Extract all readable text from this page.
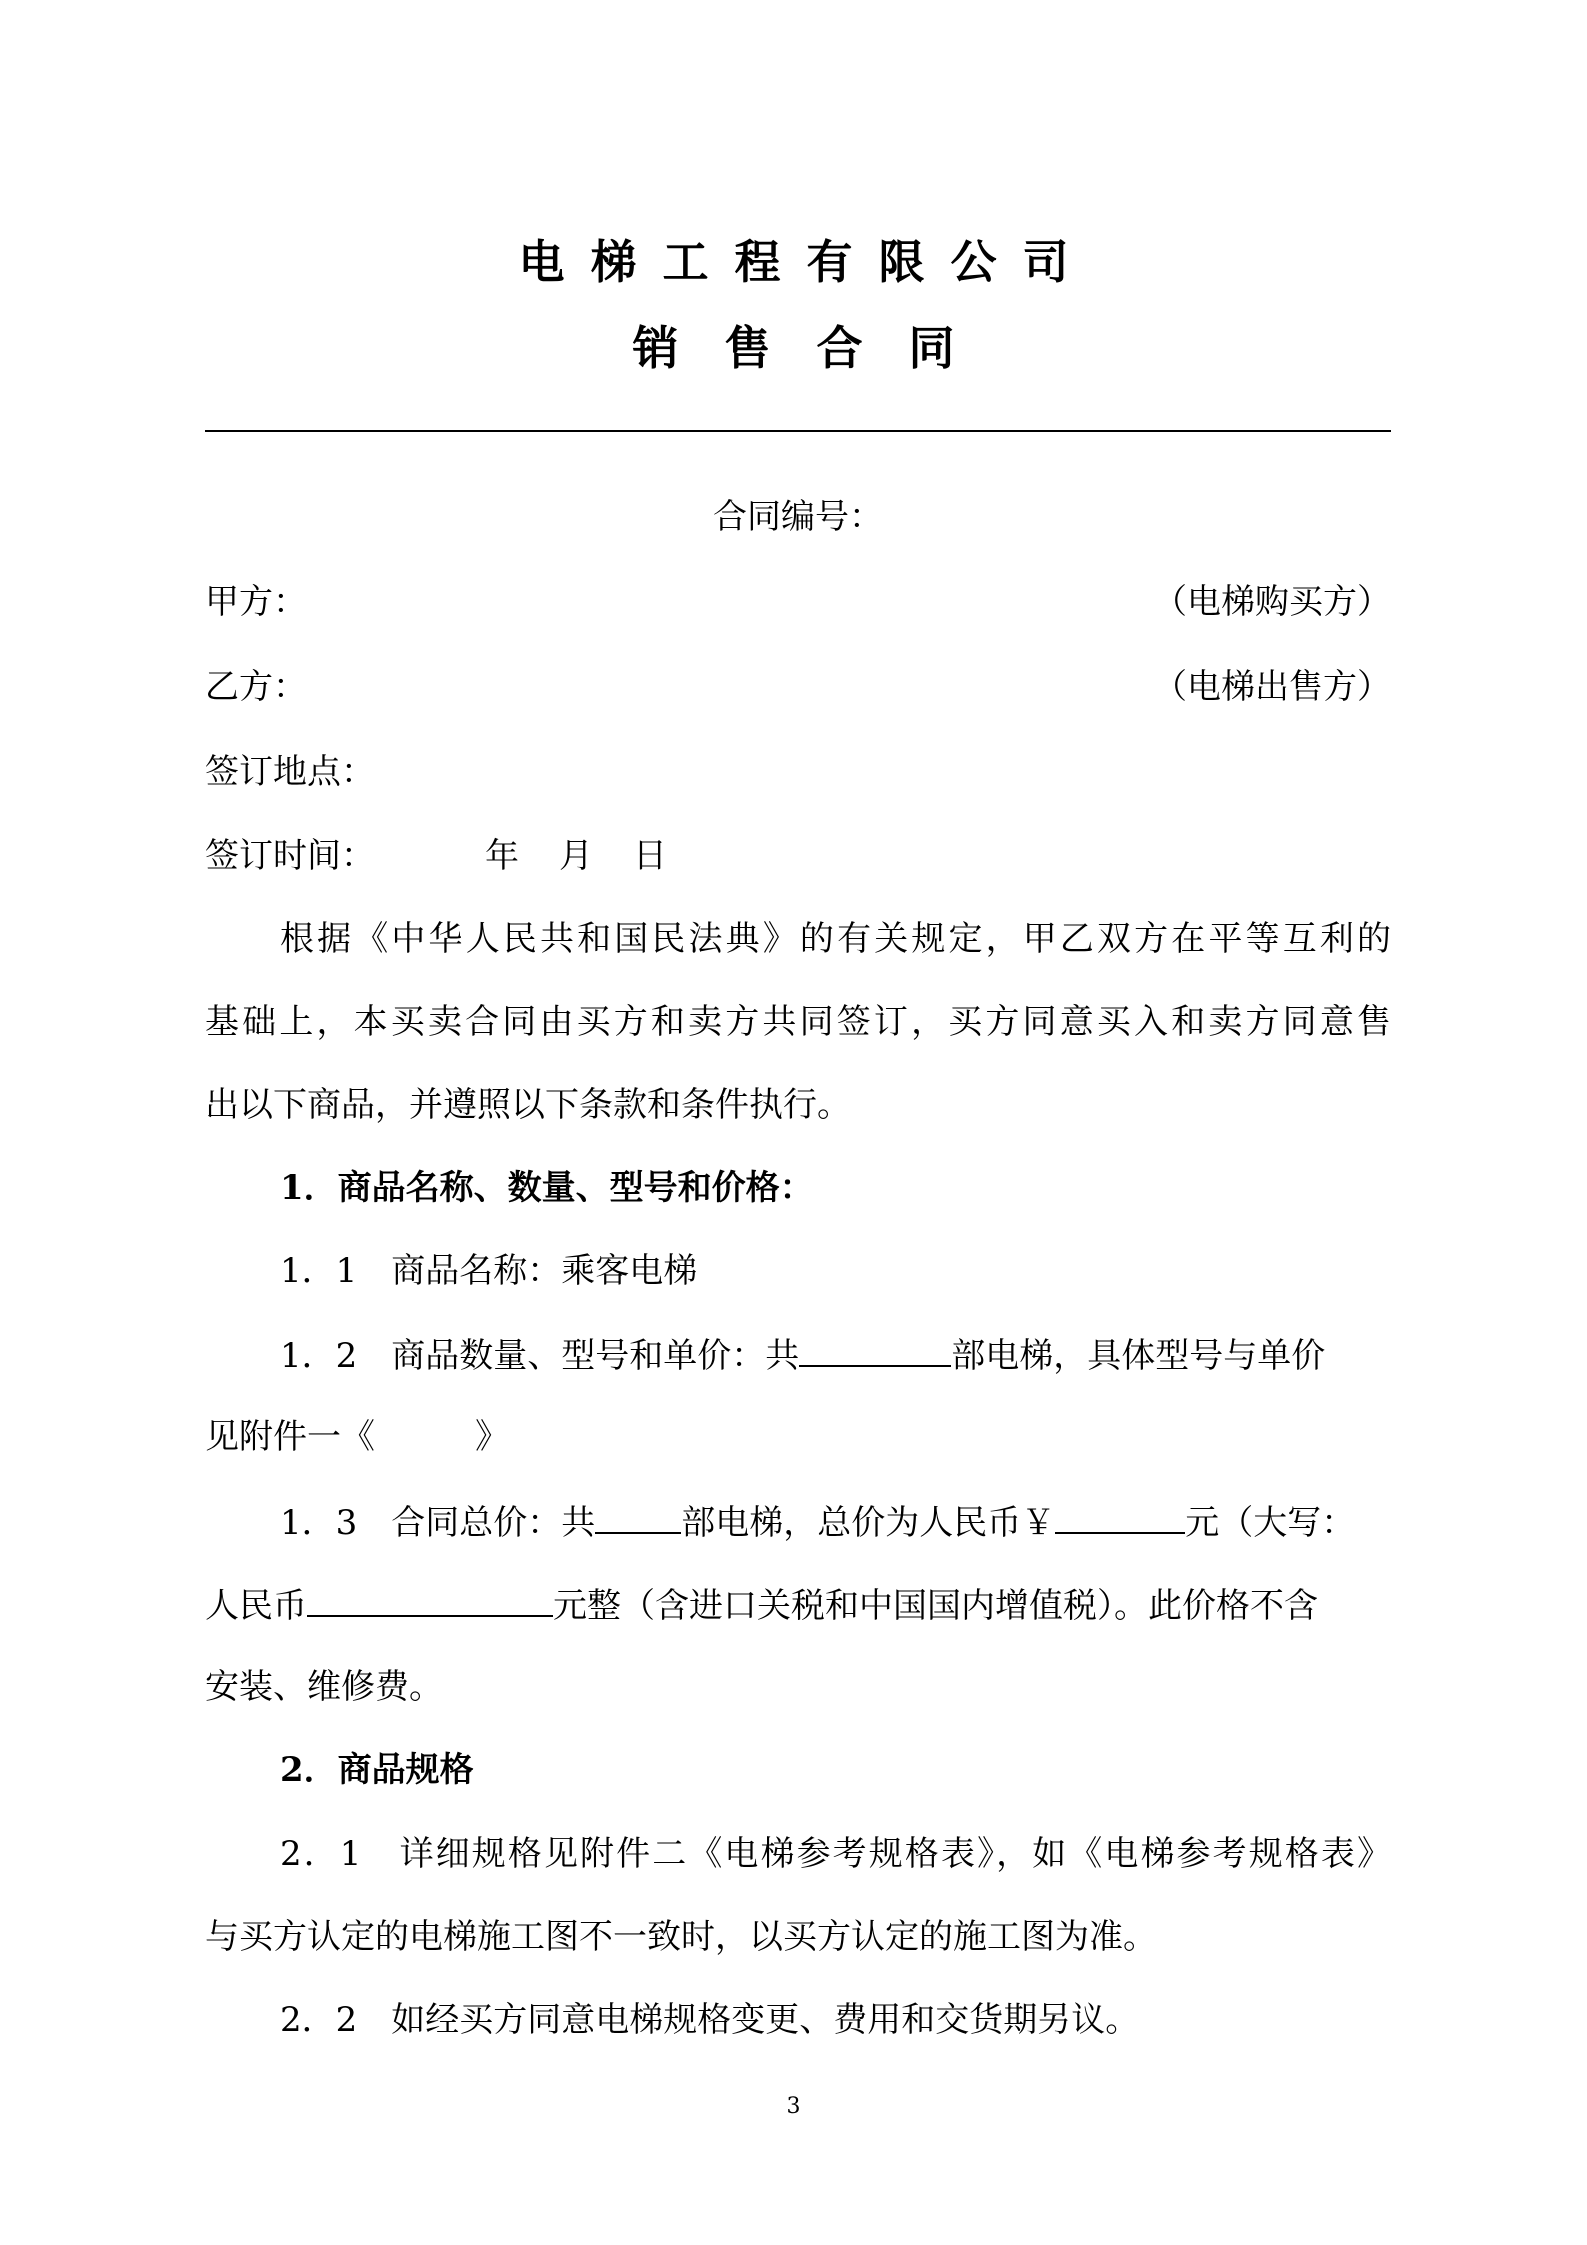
电梯工程有限公司
销售合同
合同编号：
甲方：	（电梯购买方）
乙方：	（电梯出售方）
签订地点：
签订时间：	年 月 日
根据《中华人民共和国民法典》的有关规定，甲乙双方在平等互利的
基础上，本买卖合同由买方和卖方共同签订，买方同意买入和卖方同意售
出以下商品，并遵照以下条款和条件执行。
1．商品名称、数量、型号和价格：
1．1　商品名称：乘客电梯
1．2　商品数量、型号和单价：共	部电梯，具体型号与单价
见附件一《	》
1．3　合同总价：共	部电梯，总价为人民币￥	元（大写：
人民币	元整（含进口关税和中国国内增值税）。此价格不含
安装、维修费。
2．商品规格
2．1　详细规格见附件二《电梯参考规格表》，如《电梯参考规格表》
与买方认定的电梯施工图不一致时，以买方认定的施工图为准。
2．2　如经买方同意电梯规格变更、费用和交货期另议。
3
